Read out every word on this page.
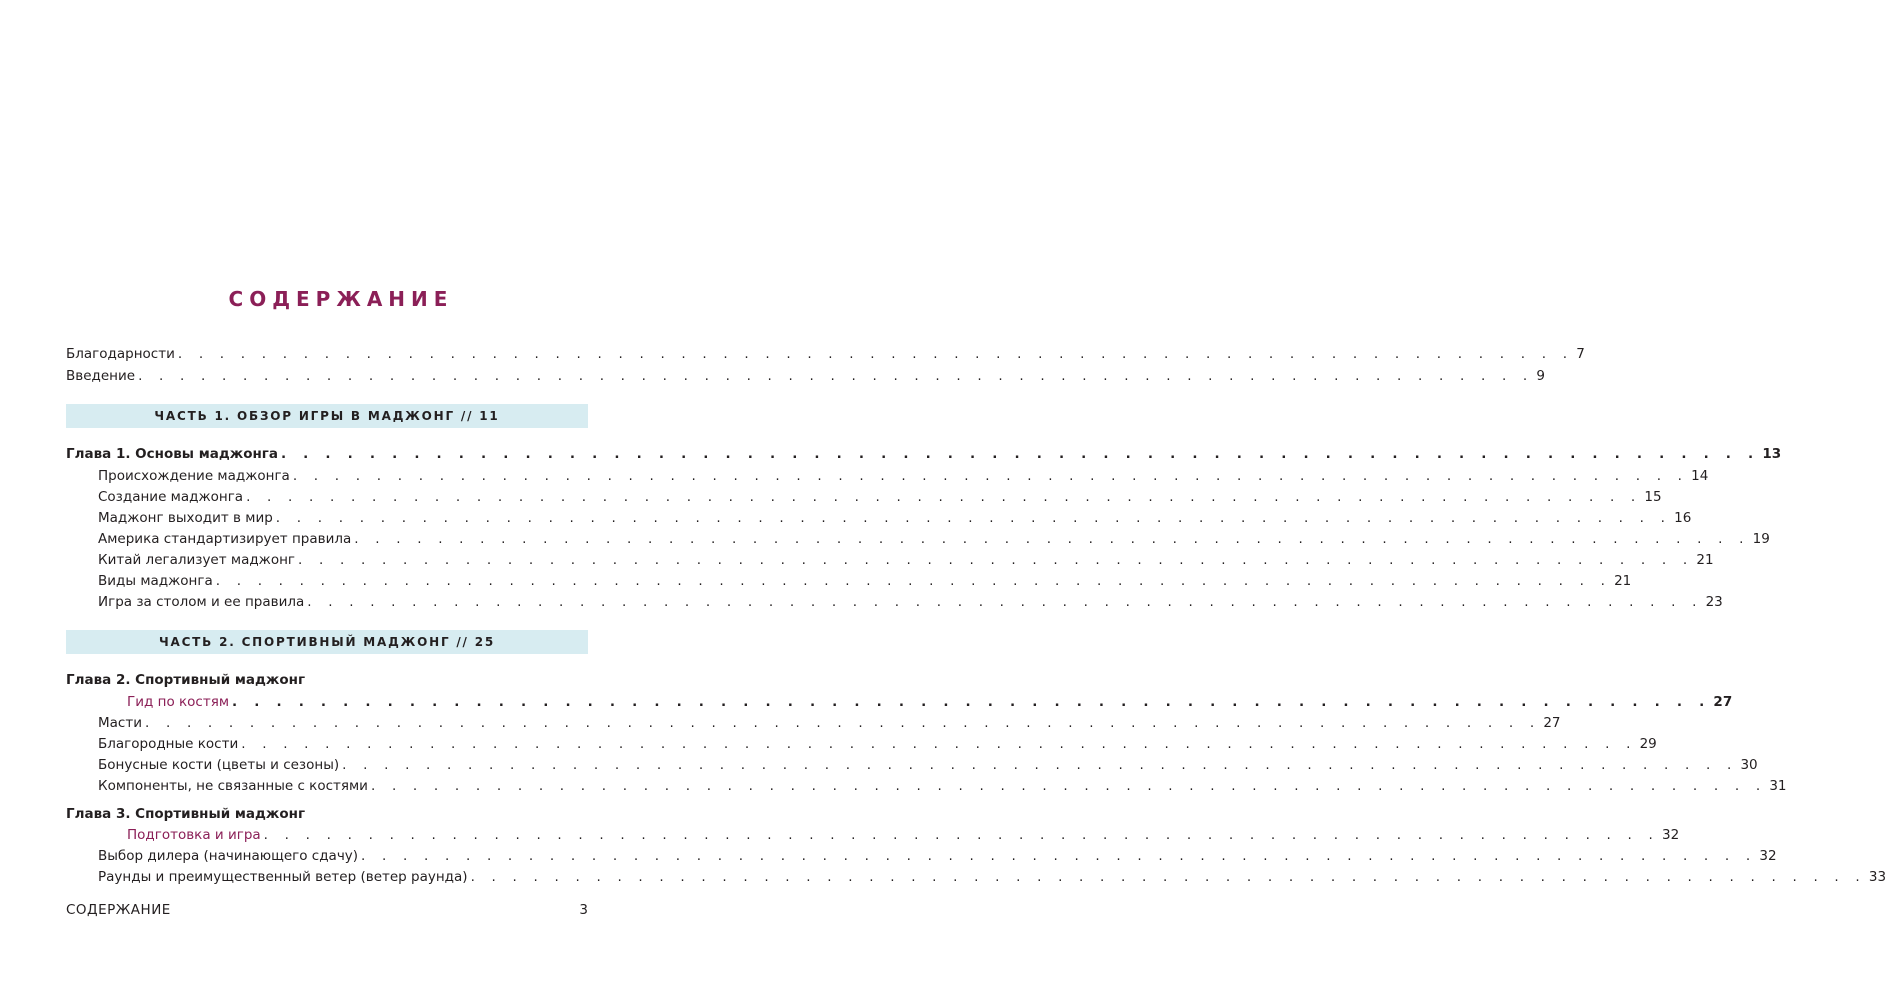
СОДЕРЖАНИЕ
Благодарности . . . . . . . . . . . . . . . . . . . . . . . . . . . . . . . . . . . . . . . . . . . . . . . . . . . . . . . . . . . . . . . . . . . 7
Введение . . . . . . . . . . . . . . . . . . . . . . . . . . . . . . . . . . . . . . . . . . . . . . . . . . . . . . . . . . . . . . . . . . . 9
ЧАСТЬ 1. ОБЗОР ИГРЫ В МАДЖОНГ // 11
Глава 1. Основы маджонга . . . . . . . . . . . . . . . . . . . . . . . . . . . . . . . . . . . . . . . . . . . . . . . . . . . . . . . . . . . . . . . . . . . 13
Происхождение маджонга . . . . . . . . . . . . . . . . . . . . . . . . . . . . . . . . . . . . . . . . . . . . . . . . . . . . . . . . . . . . . . . . . . . 14
Создание маджонга . . . . . . . . . . . . . . . . . . . . . . . . . . . . . . . . . . . . . . . . . . . . . . . . . . . . . . . . . . . . . . . . . . . 15
Маджонг выходит в мир . . . . . . . . . . . . . . . . . . . . . . . . . . . . . . . . . . . . . . . . . . . . . . . . . . . . . . . . . . . . . . . . . . . 16
Америка стандартизирует правила . . . . . . . . . . . . . . . . . . . . . . . . . . . . . . . . . . . . . . . . . . . . . . . . . . . . . . . . . . . . . . . . . . . 19
Китай легализует маджонг . . . . . . . . . . . . . . . . . . . . . . . . . . . . . . . . . . . . . . . . . . . . . . . . . . . . . . . . . . . . . . . . . . . 21
Виды маджонга . . . . . . . . . . . . . . . . . . . . . . . . . . . . . . . . . . . . . . . . . . . . . . . . . . . . . . . . . . . . . . . . . . . 21
Игра за столом и ее правила . . . . . . . . . . . . . . . . . . . . . . . . . . . . . . . . . . . . . . . . . . . . . . . . . . . . . . . . . . . . . . . . . . . 23
ЧАСТЬ 2. СПОРТИВНЫЙ МАДЖОНГ // 25
Глава 2. Спортивный маджонг
Гид по костям . . . . . . . . . . . . . . . . . . . . . . . . . . . . . . . . . . . . . . . . . . . . . . . . . . . . . . . . . . . . . . . . . . . 27
Масти . . . . . . . . . . . . . . . . . . . . . . . . . . . . . . . . . . . . . . . . . . . . . . . . . . . . . . . . . . . . . . . . . . . 27
Благородные кости . . . . . . . . . . . . . . . . . . . . . . . . . . . . . . . . . . . . . . . . . . . . . . . . . . . . . . . . . . . . . . . . . . . 29
Бонусные кости (цветы и сезоны) . . . . . . . . . . . . . . . . . . . . . . . . . . . . . . . . . . . . . . . . . . . . . . . . . . . . . . . . . . . . . . . . . . . 30
Компоненты, не связанные с костями . . . . . . . . . . . . . . . . . . . . . . . . . . . . . . . . . . . . . . . . . . . . . . . . . . . . . . . . . . . . . . . . . . . 31
Глава 3. Спортивный маджонг
Подготовка и игра . . . . . . . . . . . . . . . . . . . . . . . . . . . . . . . . . . . . . . . . . . . . . . . . . . . . . . . . . . . . . . . . . . . 32
Выбор дилера (начинающего сдачу) . . . . . . . . . . . . . . . . . . . . . . . . . . . . . . . . . . . . . . . . . . . . . . . . . . . . . . . . . . . . . . . . . . . 32
Раунды и преимущественный ветер (ветер раунда) . . . . . . . . . . . . . . . . . . . . . . . . . . . . . . . . . . . . . . . . . . . . . . . . . . . . . . . . . . . . . . . . . . . 33
СОДЕРЖАНИЕ	3
